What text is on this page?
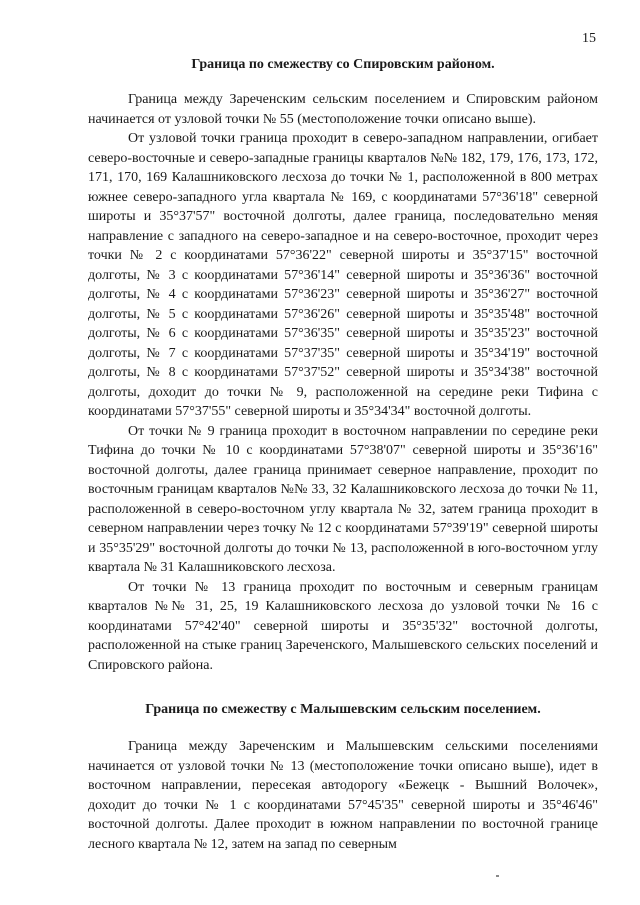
15
Граница по смежеству со Спировским районом.

Граница между Зареченским сельским поселением и Спировским районом начинается от узловой точки № 55 (местоположение точки описано выше).

От узловой точки граница проходит в северо-западном направлении, огибает северо-восточные и северо-западные границы кварталов №№ 182, 179, 176, 173, 172, 171, 170, 169 Калашниковского лесхоза до точки № 1, расположенной в 800 метрах южнее северо-западного угла квартала № 169, с координатами 57°36'18" северной широты и 35°37'57" восточной долготы, далее граница, последовательно меняя направление с западного на северо-западное и на северо-восточное, проходит через точки № 2 с координатами 57°36'22" северной широты и 35°37'15" восточной долготы, № 3 с координатами 57°36'14" северной широты и 35°36'36" восточной долготы, № 4 с координатами 57°36'23" северной широты и 35°36'27" восточной долготы, № 5 с координатами 57°36'26" северной широты и 35°35'48" восточной долготы, № 6 с координатами 57°36'35" северной широты и 35°35'23" восточной долготы, № 7 с координатами 57°37'35" северной широты и 35°34'19" восточной долготы, № 8 с координатами 57°37'52" северной широты и 35°34'38" восточной долготы, доходит до точки № 9, расположенной на середине реки Тифина с координатами 57°37'55" северной широты и 35°34'34" восточной долготы.

От точки № 9 граница проходит в восточном направлении по середине реки Тифина до точки № 10 с координатами 57°38'07" северной широты и 35°36'16" восточной долготы, далее граница принимает северное направление, проходит по восточным границам кварталов №№ 33, 32 Калашниковского лесхоза до точки № 11, расположенной в северо-восточном углу квартала № 32, затем граница проходит в северном направлении через точку № 12 с координатами 57°39'19" северной широты и 35°35'29" восточной долготы до точки № 13, расположенной в юго-восточном углу квартала № 31 Калашниковского лесхоза.

От точки № 13 граница проходит по восточным и северным границам кварталов №№ 31, 25, 19 Калашниковского лесхоза до узловой точки № 16 с координатами 57°42'40" северной широты и 35°35'32" восточной долготы, расположенной на стыке границ Зареченского, Малышевского сельских поселений и Спировского района.

Граница по смежеству с Малышевским сельским поселением.

Граница между Зареченским и Малышевским сельскими поселениями начинается от узловой точки № 13 (местоположение точки описано выше), идет в восточном направлении, пересекая автодорогу «Бежецк - Вышний Волочек», доходит до точки № 1 с координатами 57°45'35" северной широты и 35°46'46" восточной долготы. Далее проходит в южном направлении по восточной границе лесного квартала № 12, затем на запад по северным
